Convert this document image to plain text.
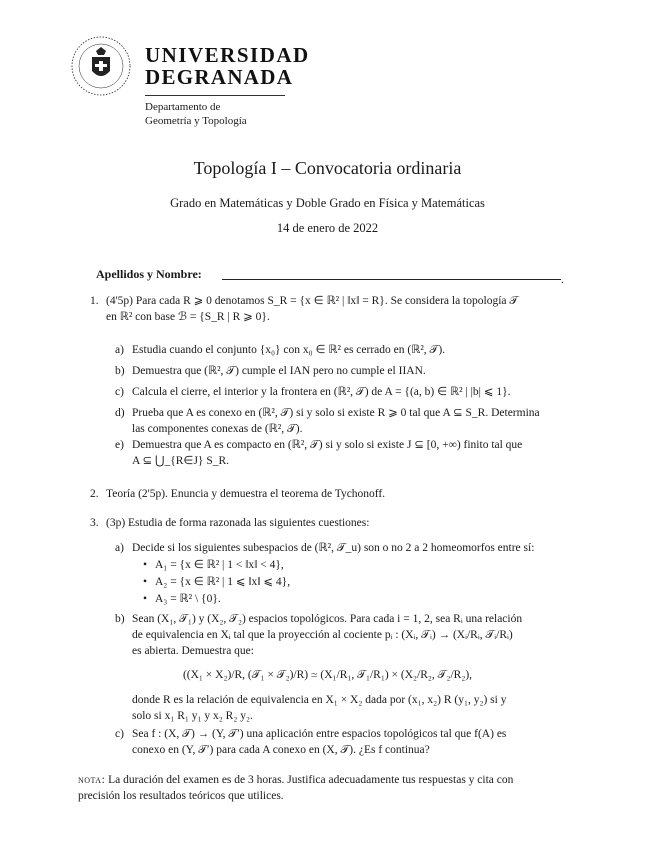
UNIVERSIDAD
DEGRANADA
Departamento de
Geometría y Topología
Topología I – Convocatoria ordinaria
Grado en Matemáticas y Doble Grado en Física y Matemáticas
14 de enero de 2022
Apellidos y Nombre:	.
1. (4'5p) Para cada R ⩾ 0 denotamos S_R = {x ∈ ℝ² | ‖x‖ = R}. Se considera la topología 𝒯
en ℝ² con base ℬ = {S_R | R ⩾ 0}.
a) Estudia cuando el conjunto {x₀} con x₀ ∈ ℝ² es cerrado en (ℝ², 𝒯).
b) Demuestra que (ℝ², 𝒯) cumple el IAN pero no cumple el IIAN.
c) Calcula el cierre, el interior y la frontera en (ℝ², 𝒯) de A = {(a, b) ∈ ℝ² | |b| ⩽ 1}.
d) Prueba que A es conexo en (ℝ², 𝒯) si y solo si existe R ⩾ 0 tal que A ⊆ S_R. Determina
las componentes conexas de (ℝ², 𝒯).
e) Demuestra que A es compacto en (ℝ², 𝒯) si y solo si existe J ⊆ [0, +∞) finito tal que
A ⊆ ⋃_{R∈J} S_R.
2. Teoría (2'5p). Enuncia y demuestra el teorema de Tychonoff.
3. (3p) Estudia de forma razonada las siguientes cuestiones:
a) Decide si los siguientes subespacios de (ℝ², 𝒯_u) son o no 2 a 2 homeomorfos entre sí:
• A₁ = {x ∈ ℝ² | 1 < ‖x‖ < 4},
• A₂ = {x ∈ ℝ² | 1 ⩽ ‖x‖ ⩽ 4},
• A₃ = ℝ² \ {0}.
b) Sean (X₁, 𝒯₁) y (X₂, 𝒯₂) espacios topológicos. Para cada i = 1, 2, sea Rᵢ una relación
de equivalencia en Xᵢ tal que la proyección al cociente pᵢ : (Xᵢ, 𝒯ᵢ) → (Xᵢ/Rᵢ, 𝒯ᵢ/Rᵢ)
es abierta. Demuestra que:
((X₁ × X₂)/R, (𝒯₁ × 𝒯₂)/R) ≃ (X₁/R₁, 𝒯₁/R₁) × (X₂/R₂, 𝒯₂/R₂),
donde R es la relación de equivalencia en X₁ × X₂ dada por (x₁, x₂) R (y₁, y₂) si y
solo si x₁ R₁ y₁ y x₂ R₂ y₂.
c) Sea f : (X, 𝒯) → (Y, 𝒯′) una aplicación entre espacios topológicos tal que f(A) es
conexo en (Y, 𝒯′) para cada A conexo en (X, 𝒯). ¿Es f continua?
nota: La duración del examen es de 3 horas. Justifica adecuadamente tus respuestas y cita con
precisión los resultados teóricos que utilices.
